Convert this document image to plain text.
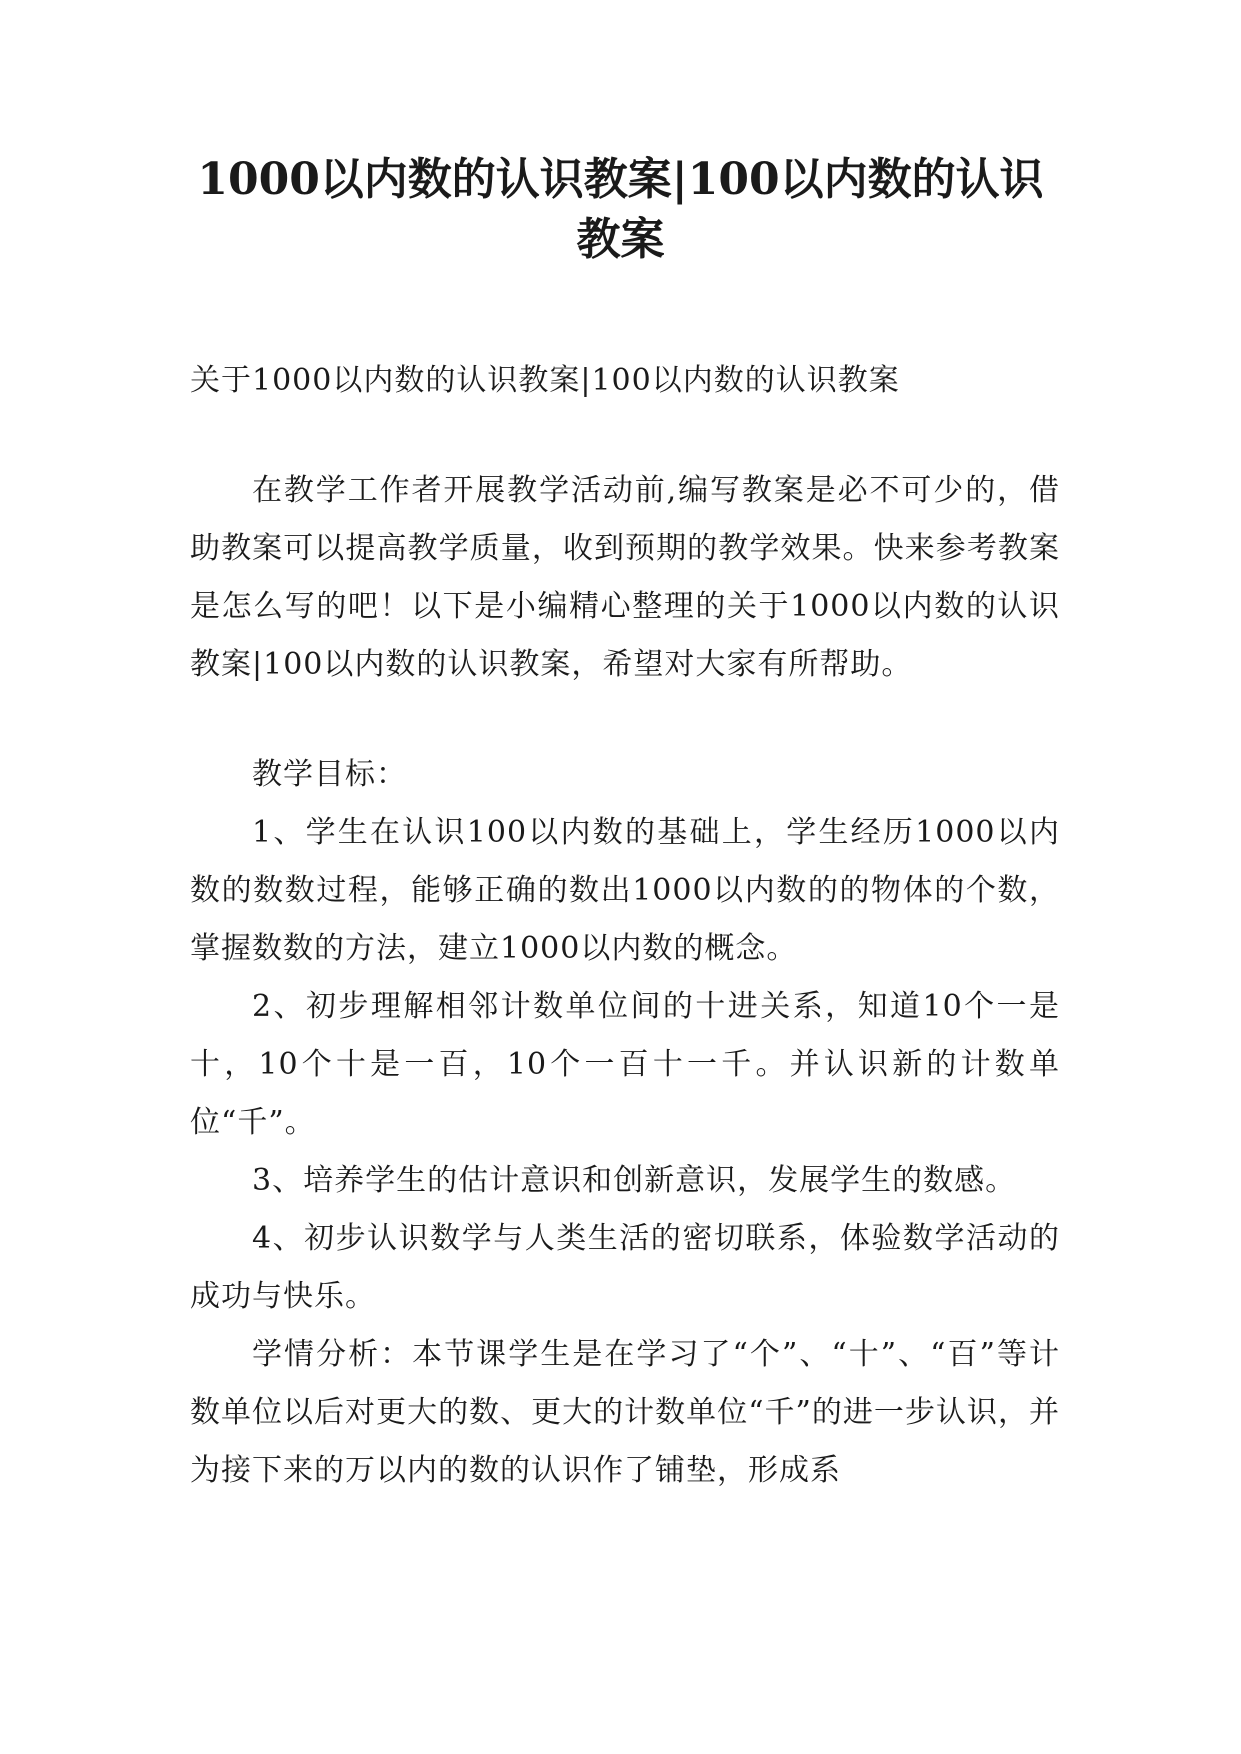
1000以内数的认识教案|100以内数的认识
教案

关于1000以内数的认识教案|100以内数的认识教案

在教学工作者开展教学活动前,编写教案是必不可少的，借助教案可以提高教学质量，收到预期的教学效果。快来参考教案是怎么写的吧！以下是小编精心整理的关于1000以内数的认识教案|100以内数的认识教案，希望对大家有所帮助。

教学目标：

1、学生在认识100以内数的基础上，学生经历1000以内数的数数过程，能够正确的数出1000以内数的的物体的个数，掌握数数的方法，建立1000以内数的概念。

2、初步理解相邻计数单位间的十进关系，知道10个一是十，10个十是一百，10个一百十一千。并认识新的计数单位“千”。

3、培养学生的估计意识和创新意识，发展学生的数感。

4、初步认识数学与人类生活的密切联系，体验数学活动的成功与快乐。

学情分析：本节课学生是在学习了“个”、“十”、“百”等计数单位以后对更大的数、更大的计数单位“千”的进一步认识，并为接下来的万以内的数的认识作了铺垫，形成系
